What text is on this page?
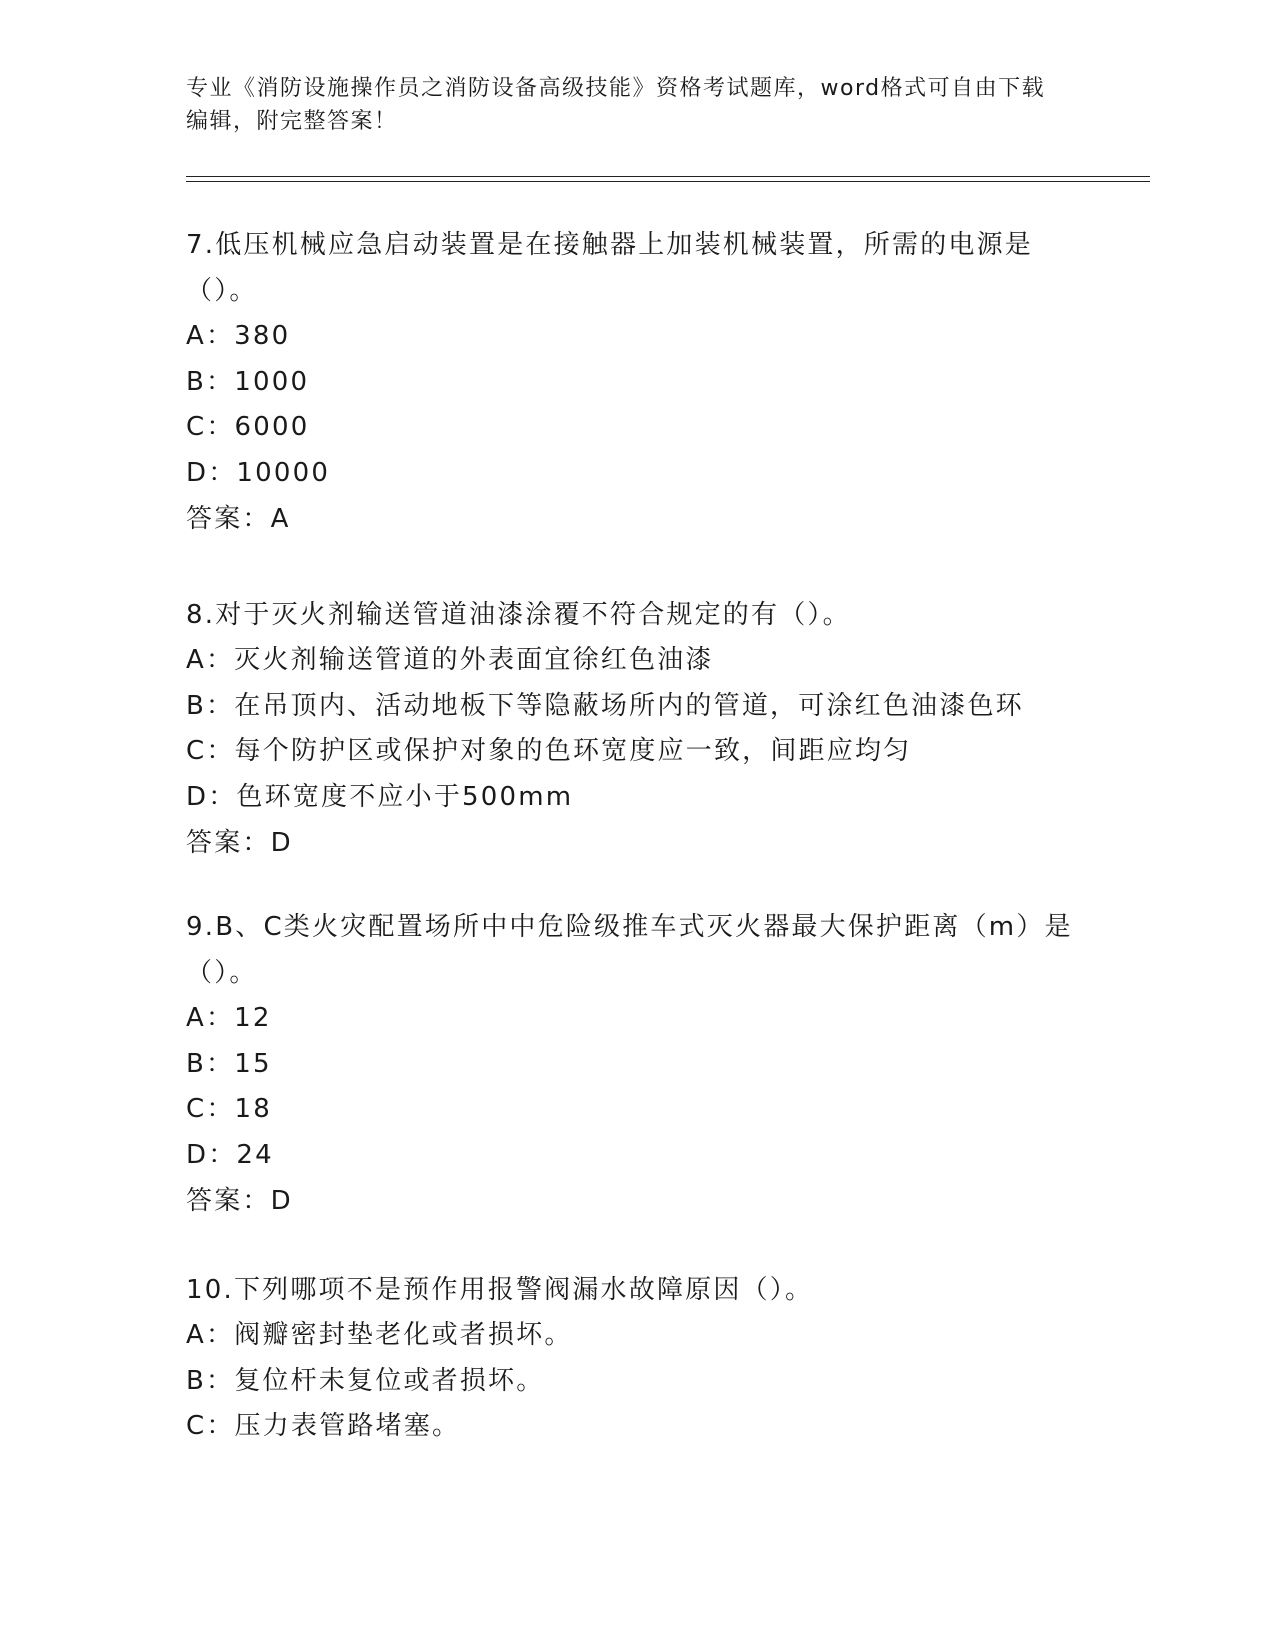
专业《消防设施操作员之消防设备高级技能》资格考试题库，word格式可自由下载编辑，附完整答案！

7.低压机械应急启动装置是在接触器上加装机械装置，所需的电源是（）。

A：380

B：1000

C：6000

D：10000

答案：A

8.对于灭火剂输送管道油漆涂覆不符合规定的有（）。

A：灭火剂输送管道的外表面宜徐红色油漆

B：在吊顶内、活动地板下等隐蔽场所内的管道，可涂红色油漆色环

C：每个防护区或保护对象的色环宽度应一致，间距应均匀

D：色环宽度不应小于500mm

答案：D

9.B、C类火灾配置场所中中危险级推车式灭火器最大保护距离（m）是（）。

A：12

B：15

C：18

D：24

答案：D

10.下列哪项不是预作用报警阀漏水故障原因（）。

A：阀瓣密封垫老化或者损坏。

B：复位杆未复位或者损坏。

C：压力表管路堵塞。
